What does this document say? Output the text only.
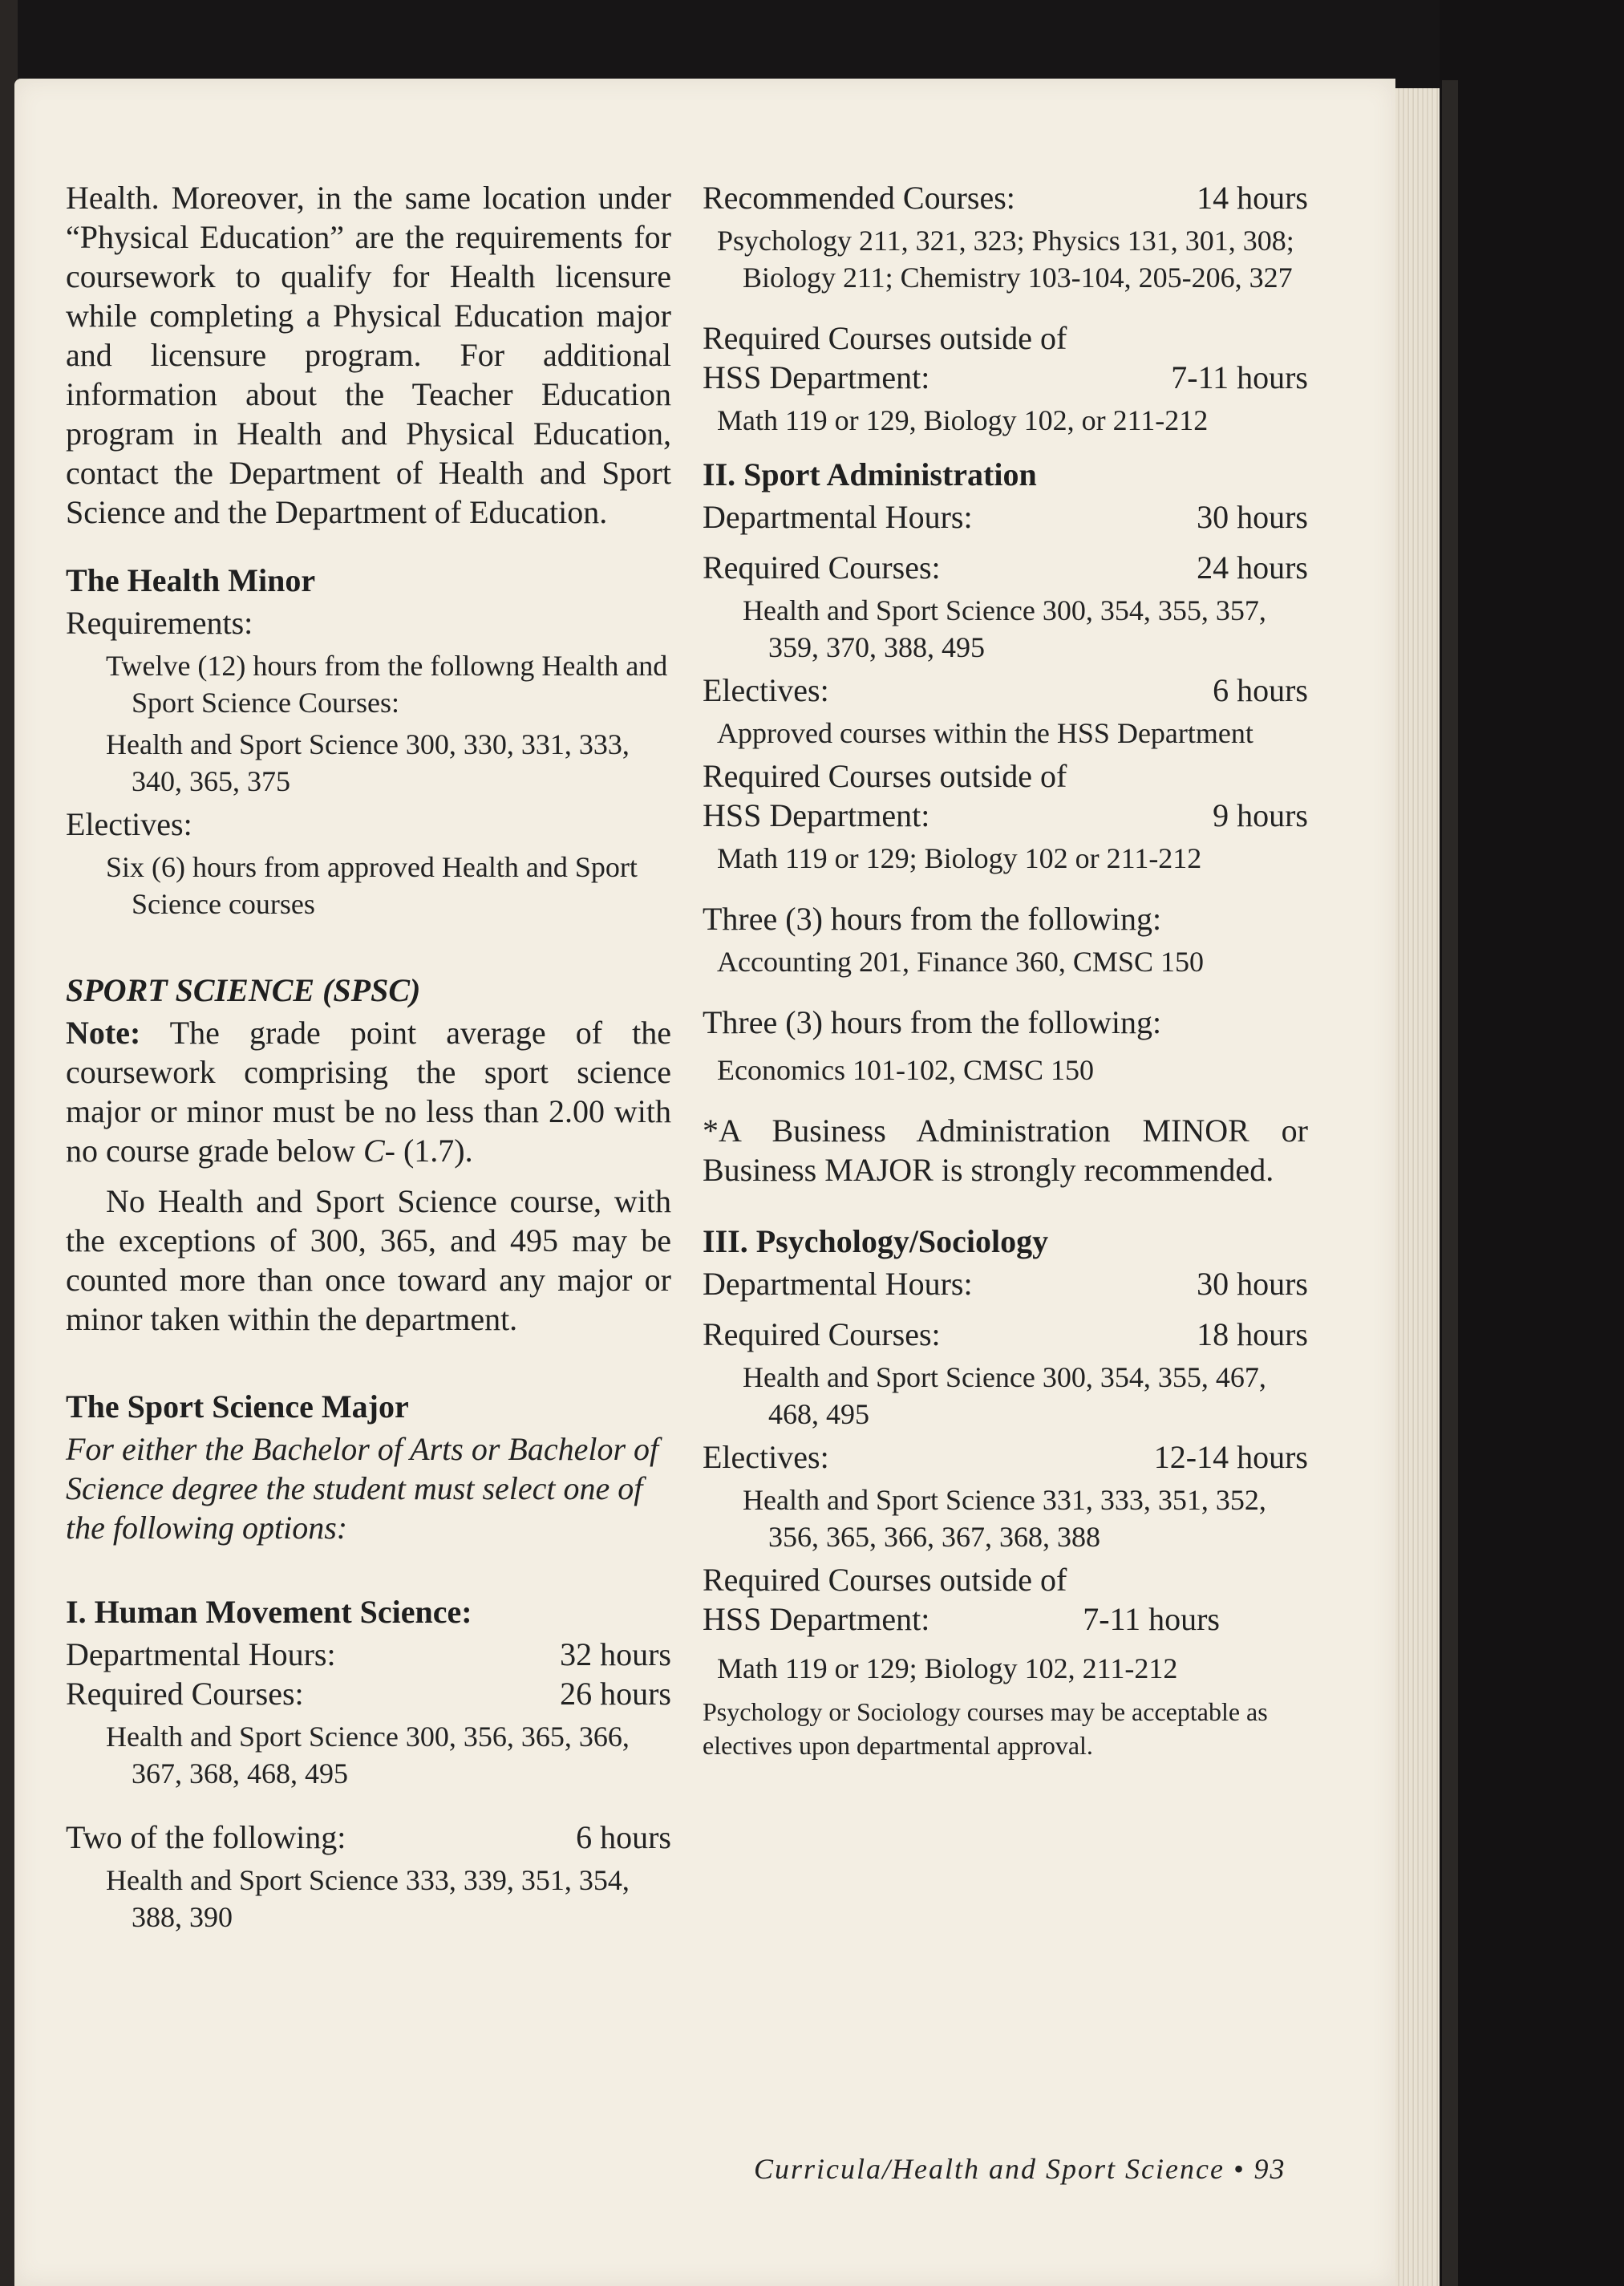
Health. Moreover, in the same location under “Physical Education” are the requirements for coursework to qualify for Health licensure while completing a Physical Education major and licensure program. For additional information about the Teacher Education program in Health and Physical Education, contact the Department of Health and Sport Science and the Department of Education.

The Health Minor

Requirements:

Twelve (12) hours from the followng Health and Sport Science Courses:

Health and Sport Science 300, 330, 331, 333, 340, 365, 375

Electives:

Six (6) hours from approved Health and Sport Science courses

SPORT SCIENCE (SPSC)

Note: The grade point average of the coursework comprising the sport science major or minor must be no less than 2.00 with no course grade below C- (1.7).

No Health and Sport Science course, with the exceptions of 300, 365, and 495 may be counted more than once toward any major or minor taken within the department.

The Sport Science Major

For either the Bachelor of Arts or Bachelor of Science degree the student must select one of the following options:

I. Human Movement Science:
Departmental Hours:	32 hours
Required Courses:	26 hours

Health and Sport Science 300, 356, 365, 366, 367, 368, 468, 495

Two of the following:	6 hours

Health and Sport Science 333, 339, 351, 354, 388, 390

Recommended Courses:	14 hours

Psychology 211, 321, 323; Physics 131, 301, 308; Biology 211; Chemistry 103-104, 205-206, 327

Required Courses outside of

HSS Department:	7-11 hours

Math 119 or 129, Biology 102, or 211-212

II. Sport Administration
Departmental Hours:	30 hours
Required Courses:	24 hours

Health and Sport Science 300, 354, 355, 357, 359, 370, 388, 495

Electives:	6 hours

Approved courses within the HSS Department

Required Courses outside of

HSS Department:	9 hours

Math 119 or 129; Biology 102 or 211-212

Three (3) hours from the following:

Accounting 201, Finance 360, CMSC 150

Three (3) hours from the following:

Economics 101-102, CMSC 150

*A Business Administration MINOR or Business MAJOR is strongly recommended.

III. Psychology/Sociology
Departmental Hours:	30 hours
Required Courses:	18 hours

Health and Sport Science 300, 354, 355, 467, 468, 495

Electives:	12-14 hours

Health and Sport Science 331, 333, 351, 352, 356, 365, 366, 367, 368, 388

Required Courses outside of

HSS Department:	7-11 hours

Math 119 or 129; Biology 102, 211-212

Psychology or Sociology courses may be acceptable as electives upon departmental approval.

Curricula/Health and Sport Science • 93
